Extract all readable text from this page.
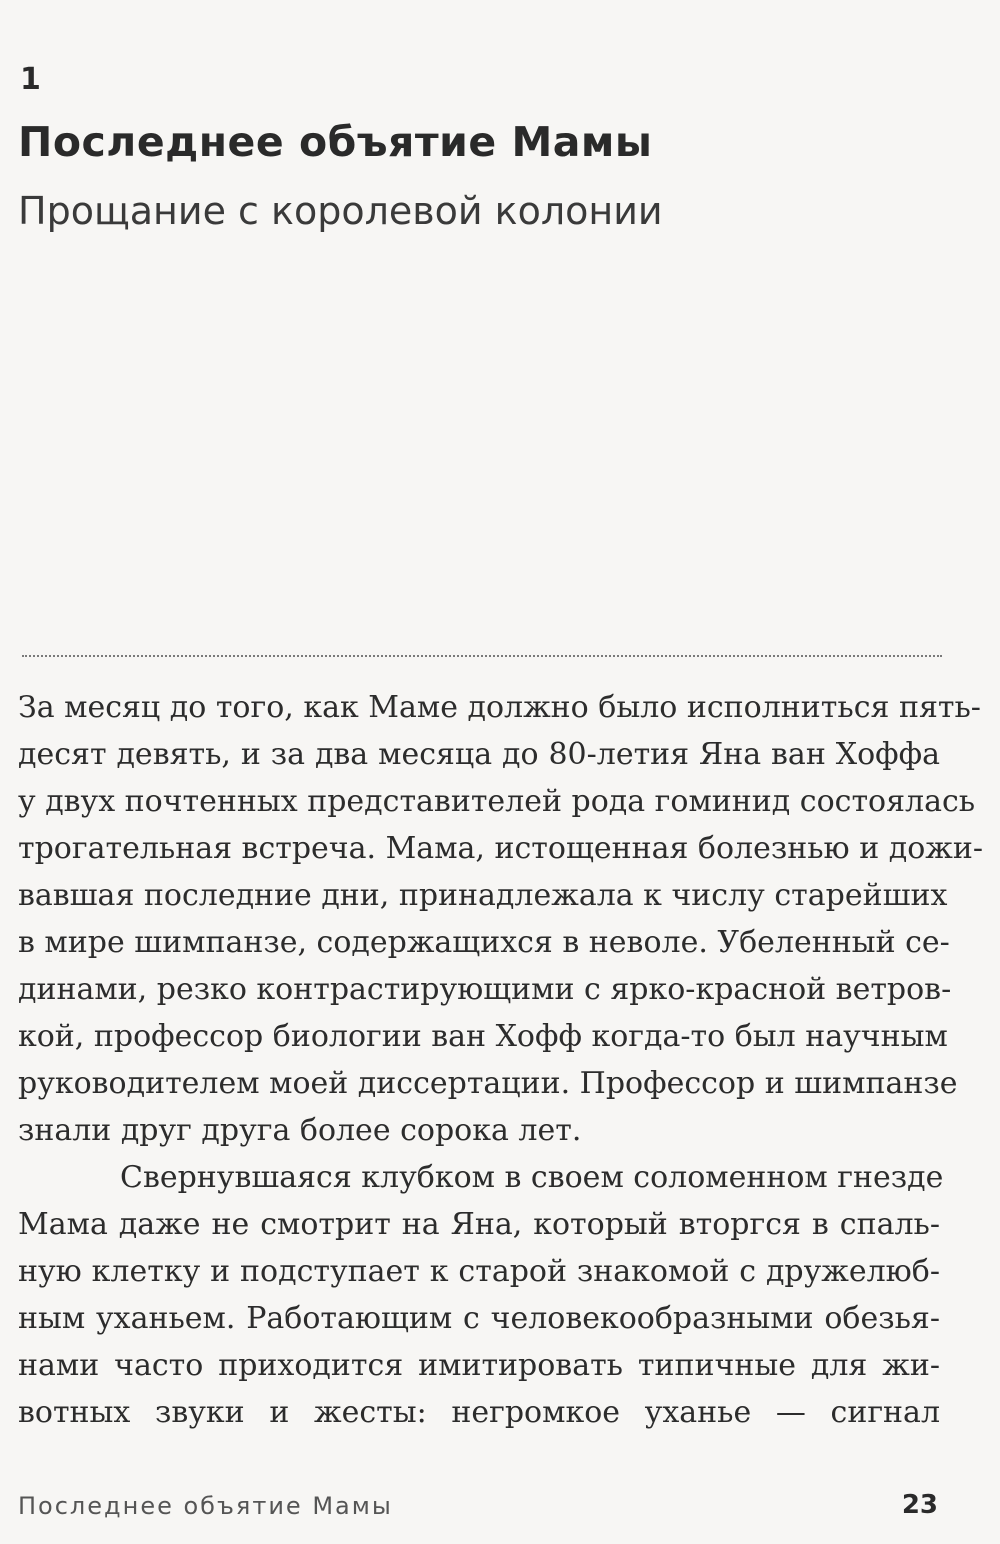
1
Последнее объятие Мамы
Прощание с королевой колонии
За месяц до того, как Маме должно было исполниться пять-
десят девять, и за два месяца до 80-летия Яна ван Хоффа
у двух почтенных представителей рода гоминид состоялась
трогательная встреча. Мама, истощенная болезнью и дожи-
вавшая последние дни, принадлежала к числу старейших
в мире шимпанзе, содержащихся в неволе. Убеленный се-
динами, резко контрастирующими с ярко-красной ветров-
кой, профессор биологии ван Хофф когда-то был научным
руководителем моей диссертации. Профессор и шимпанзе
знали друг друга более сорока лет.
Свернувшаяся клубком в своем соломенном гнезде
Мама даже не смотрит на Яна, который вторгся в спаль-
ную клетку и подступает к старой знакомой с дружелюб-
ным уханьем. Работающим с человекообразными обезья-
нами часто приходится имитировать типичные для жи-
вотных звуки и жесты: негромкое уханье — сигнал
Последнее объятие Мамы	23
